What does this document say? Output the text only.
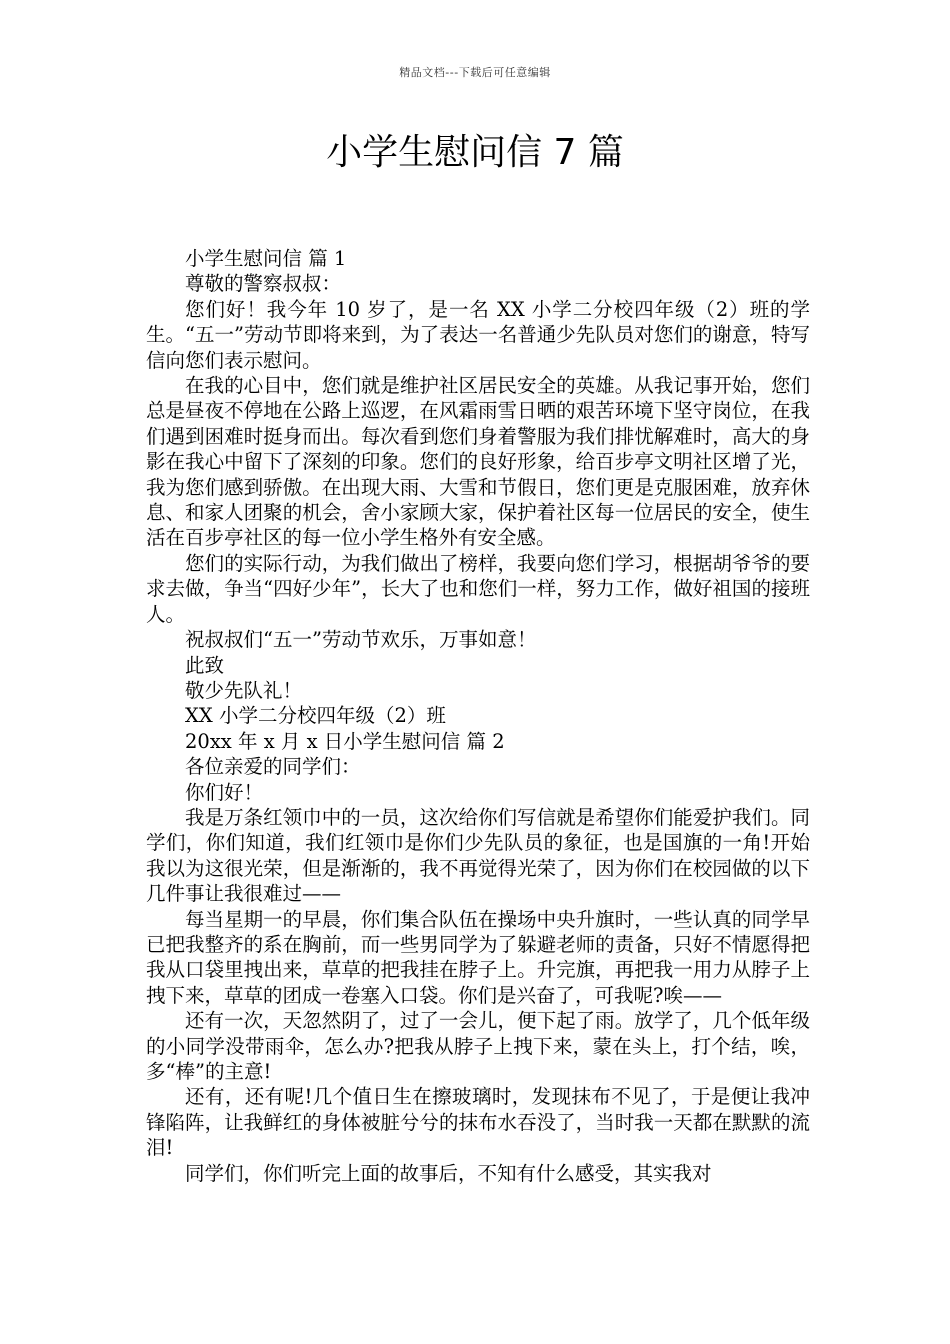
精品文档---下载后可任意编辑
小学生慰问信 7 篇

小学生慰问信 篇 1

尊敬的警察叔叔：

您们好！我今年 10 岁了，是一名 XX 小学二分校四年级（2）班的学生。“五一”劳动节即将来到，为了表达一名普通少先队员对您们的谢意，特写信向您们表示慰问。

在我的心目中，您们就是维护社区居民安全的英雄。从我记事开始，您们总是昼夜不停地在公路上巡逻，在风霜雨雪日晒的艰苦环境下坚守岗位，在我们遇到困难时挺身而出。每次看到您们身着警服为我们排忧解难时，高大的身影在我心中留下了深刻的印象。您们的良好形象，给百步亭文明社区增了光，我为您们感到骄傲。在出现大雨、大雪和节假日，您们更是克服困难，放弃休息、和家人团聚的机会，舍小家顾大家，保护着社区每一位居民的安全，使生活在百步亭社区的每一位小学生格外有安全感。

您们的实际行动，为我们做出了榜样，我要向您们学习，根据胡爷爷的要求去做，争当“四好少年”，长大了也和您们一样，努力工作，做好祖国的接班人。

祝叔叔们“五一”劳动节欢乐，万事如意！

此致

敬少先队礼！

XX 小学二分校四年级（2）班

20xx 年 x 月 x 日小学生慰问信 篇 2

各位亲爱的同学们：

你们好！

我是万条红领巾中的一员，这次给你们写信就是希望你们能爱护我们。同学们，你们知道，我们红领巾是你们少先队员的象征，也是国旗的一角!开始我以为这很光荣，但是渐渐的，我不再觉得光荣了，因为你们在校园做的以下几件事让我很难过——

每当星期一的早晨，你们集合队伍在操场中央升旗时，一些认真的同学早已把我整齐的系在胸前，而一些男同学为了躲避老师的责备，只好不情愿得把我从口袋里拽出来，草草的把我挂在脖子上。升完旗，再把我一用力从脖子上拽下来，草草的团成一卷塞入口袋。你们是兴奋了，可我呢?唉——

还有一次，天忽然阴了，过了一会儿，便下起了雨。放学了，几个低年级的小同学没带雨伞，怎么办?把我从脖子上拽下来，蒙在头上，打个结，唉，多“棒”的主意!

还有，还有呢!几个值日生在擦玻璃时，发现抹布不见了，于是便让我冲锋陷阵，让我鲜红的身体被脏兮兮的抹布水吞没了，当时我一天都在默默的流泪!

同学们，你们听完上面的故事后，不知有什么感受，其实我对
